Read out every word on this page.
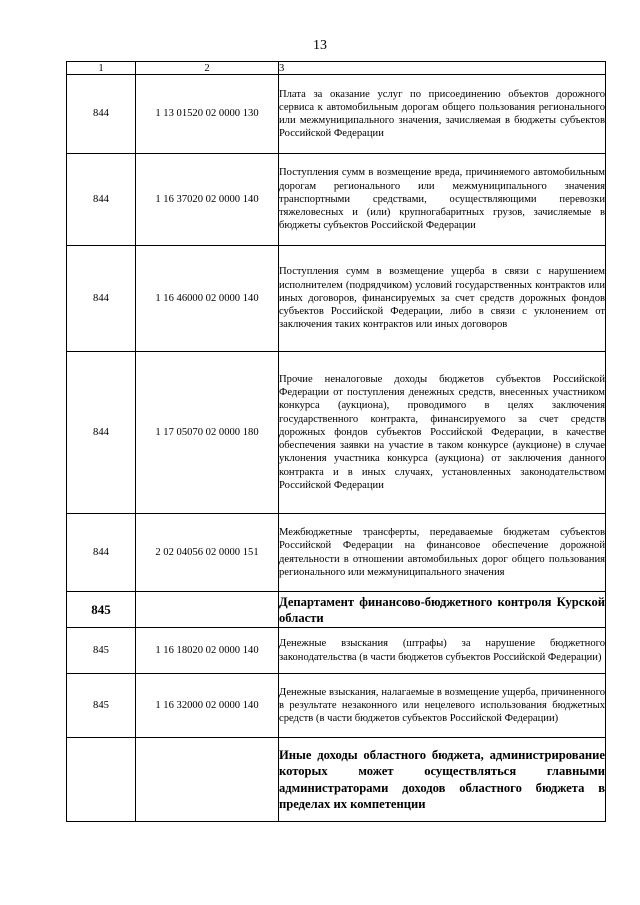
13
1	2	3
844	1 13 01520 02 0000 130	Плата за оказание услуг по присоединению объектов дорожного сервиса к автомобильным дорогам общего пользования регионального или межмуниципального значения, зачисляемая в бюджеты субъектов Российской Федерации
844	1 16 37020 02 0000 140	Поступления сумм в возмещение вреда, причиняемого автомобильным дорогам регионального или межмуниципального значения транспортными средствами, осуществляющими перевозки тяжеловесных и (или) крупногабаритных грузов, зачисляемые в бюджеты субъектов Российской Федерации
844	1 16 46000 02 0000 140	Поступления сумм в возмещение ущерба в связи с нарушением исполнителем (подрядчиком) условий государственных контрактов или иных договоров, финансируемых за счет средств дорожных фондов субъектов Российской Федерации, либо в связи с уклонением от заключения таких контрактов или иных договоров
844	1 17 05070 02 0000 180	Прочие неналоговые доходы бюджетов субъектов Российской Федерации от поступления денежных средств, внесенных участником конкурса (аукциона), проводимого в целях заключения государственного контракта, финансируемого за счет средств дорожных фондов субъектов Российской Федерации, в качестве обеспечения заявки на участие в таком конкурсе (аукционе) в случае уклонения участника конкурса (аукциона) от заключения данного контракта и в иных случаях, установленных законодательством Российской Федерации
844	2 02 04056 02 0000 151	Межбюджетные трансферты, передаваемые бюджетам субъектов Российской Федерации на финансовое обеспечение дорожной деятельности в отношении автомобильных дорог общего пользования регионального или межмуниципального значения
845		Департамент финансово-бюджетного контроля Курской области
845	1 16 18020 02 0000 140	Денежные взыскания (штрафы) за нарушение бюджетного законодательства (в части бюджетов субъектов Российской Федерации)
845	1 16 32000 02 0000 140	Денежные взыскания, налагаемые в возмещение ущерба, причиненного в результате незаконного или нецелевого использования бюджетных средств (в части бюджетов субъектов Российской Федерации)
		Иные доходы областного бюджета, администрирование которых может осуществляться главными администраторами доходов областного бюджета в пределах их компетенции
